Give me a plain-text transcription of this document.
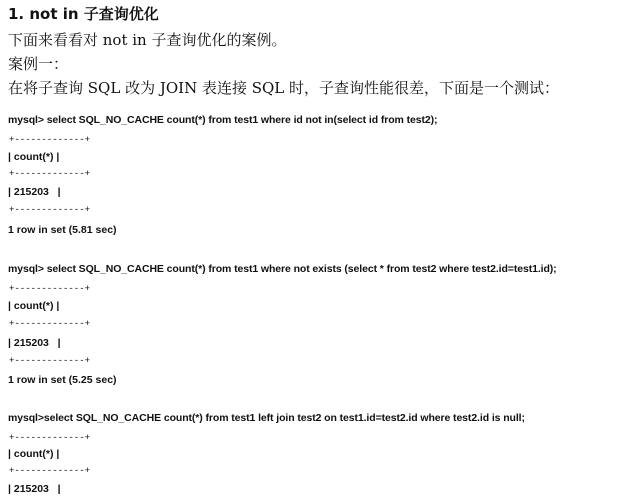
1. not in 子查询优化
下面来看看对 not in 子查询优化的案例。
案例一：
在将子查询 SQL 改为 JOIN 表连接 SQL 时，子查询性能很差，下面是一个测试：
mysql> select SQL_NO_CACHE count(*) from test1 where id not in(select id from test2);
+-------------+
| count(*) |
+-------------+
| 215203   |
+-------------+
1 row in set (5.81 sec)
mysql> select SQL_NO_CACHE count(*) from test1 where not exists (select * from test2 where test2.id=test1.id);
+-------------+
| count(*) |
+-------------+
| 215203   |
+-------------+
1 row in set (5.25 sec)
mysql>select SQL_NO_CACHE count(*) from test1 left join test2 on test1.id=test2.id where test2.id is null;
+-------------+
| count(*) |
+-------------+
| 215203   |
